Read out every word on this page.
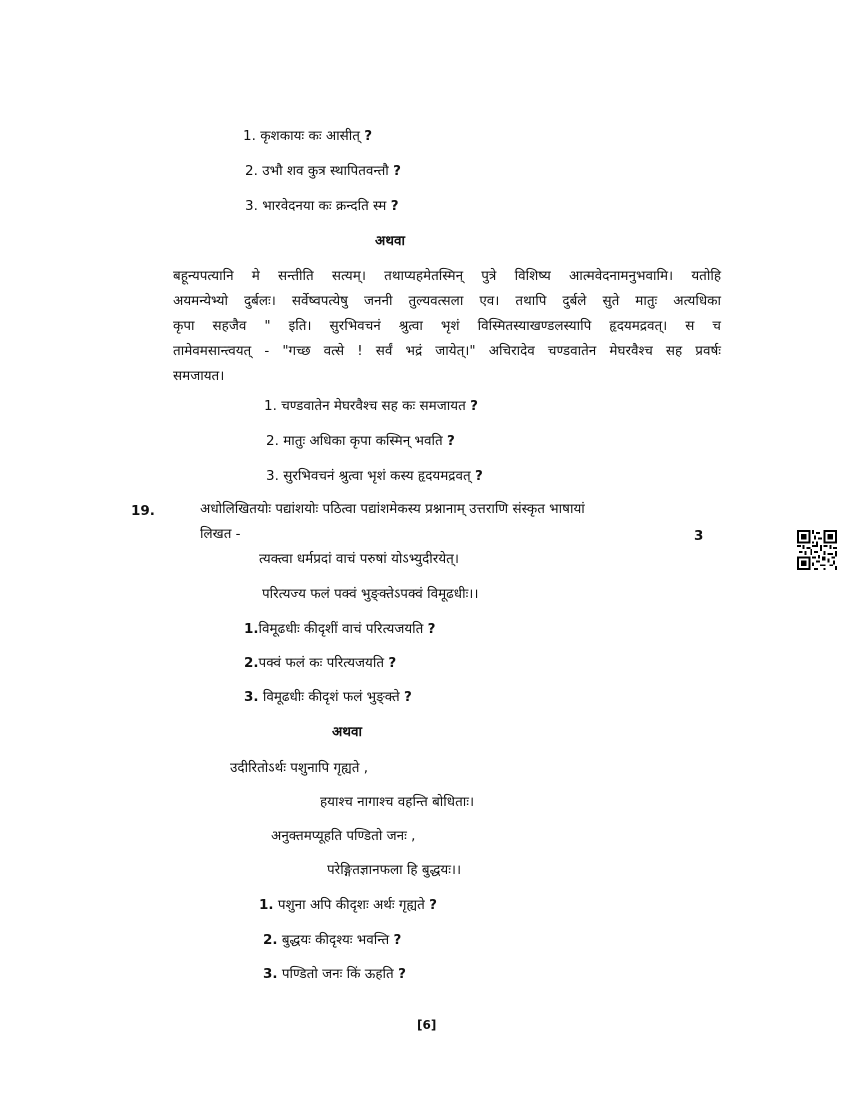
1. कृशकायः कः आसीत् ?
2. उभौ शव कुत्र स्थापितवन्तौ ?
3. भारवेदनया कः क्रन्दति स्म ?
अथवा
बहून्यपत्यानि मे सन्तीति सत्यम्। तथाप्यहमेतस्मिन् पुत्रे विशिष्य आत्मवेदनामनुभवामि। यतोहि
अयमन्येभ्यो दुर्बलः। सर्वेष्वपत्येषु जननी तुल्यवत्सला एव। तथापि दुर्बले सुते मातुः अत्यधिका
कृपा सहजैव " इति। सुरभिवचनं श्रुत्वा भृशं विस्मितस्याखण्डलस्यापि हृदयमद्रवत्। स च
तामेवमसान्त्वयत् - "गच्छ वत्से ! सर्वं भद्रं जायेत्।" अचिरादेव चण्डवातेन मेघरवैश्च सह प्रवर्षः
समजायत।
1. चण्डवातेन मेघरवैश्च सह कः समजायत ?
2. मातुः अधिका कृपा कस्मिन् भवति ?
3. सुरभिवचनं श्रुत्वा भृशं कस्य हृदयमद्रवत् ?
19.	अधोलिखितयोः पद्यांशयोः पठित्वा पद्यांशमेकस्य प्रश्नानाम् उत्तराणि संस्कृत भाषायां
लिखत -	3
त्यक्त्वा धर्मप्रदां वाचं परुषां योऽभ्युदीरयेत्।
परित्यज्य फलं पक्वं भुङ्क्तेऽपक्वं विमूढधीः।।
1.विमूढधीः कीदृशीं वाचं परित्यजयति ?
2.पक्वं फलं कः परित्यजयति ?
3. विमूढधीः कीदृशं फलं भुङ्क्ते ?
अथवा
उदीरितोऽर्थः पशुनापि गृह्यते ,
हयाश्च नागाश्च वहन्ति बोधिताः।
अनुक्तमप्यूहति पण्डितो जनः ,
परेङ्गितज्ञानफला हि बुद्धयः।।
1. पशुना अपि कीदृशः अर्थः गृह्यते ?
2. बुद्धयः कीदृश्यः भवन्ति ?
3. पण्डितो जनः किं ऊहति ?
[6]
